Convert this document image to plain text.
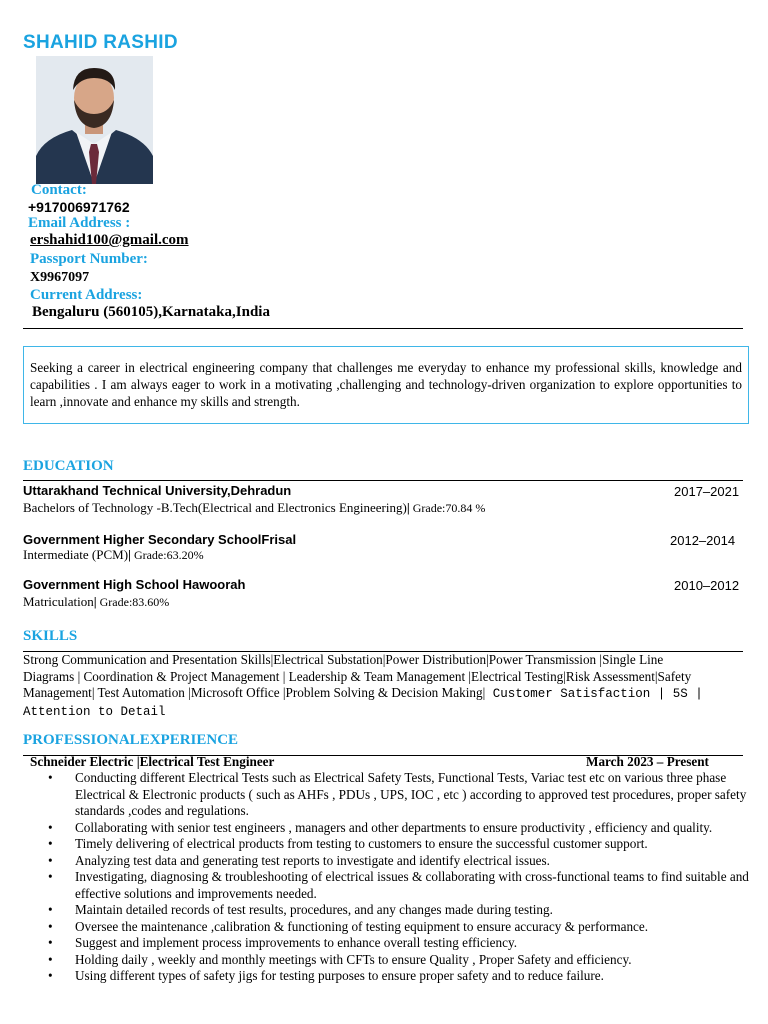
SHAHID RASHID
Contact:
+917006971762
Email Address :
ershahid100@gmail.com
Passport Number:
X9967097
Current Address:
Bengaluru (560105),Karnataka,India
Seeking a career in electrical engineering company that challenges me everyday to enhance my professional skills, knowledge and capabilities . I am always eager to work in a motivating ,challenging and technology-driven organization to explore opportunities to learn ,innovate and enhance my skills and strength.
EDUCATION
Uttarakhand Technical University,Dehradun	2017–2021
Bachelors of Technology -B.Tech(Electrical and Electronics Engineering)| Grade:70.84 %
Government Higher Secondary SchoolFrisal	2012–2014
Intermediate (PCM)| Grade:63.20%
Government High School Hawoorah	2010–2012
Matriculation| Grade:83.60%
SKILLS
Strong Communication and Presentation Skills|Electrical Substation|Power Distribution|Power Transmission |Single Line Diagrams | Coordination & Project Management | Leadership & Team Management |Electrical Testing|Risk Assessment|Safety Management| Test Automation |Microsoft Office |Problem Solving & Decision Making| Customer Satisfaction | 5S | Attention to Detail
PROFESSIONALEXPERIENCE
Schneider Electric |Electrical Test Engineer	March 2023 – Present
• Conducting different Electrical Tests such as Electrical Safety Tests, Functional Tests, Variac test etc on various three phase Electrical & Electronic products ( such as AHFs , PDUs , UPS, IOC , etc ) according to approved test procedures, proper safety standards ,codes and regulations.
• Collaborating with senior test engineers , managers and other departments to ensure productivity , efficiency and quality.
• Timely delivering of electrical products from testing to customers to ensure the successful customer support.
• Analyzing test data and generating test reports to investigate and identify electrical issues.
• Investigating, diagnosing & troubleshooting of electrical issues & collaborating with cross-functional teams to find suitable and effective solutions and improvements needed.
• Maintain detailed records of test results, procedures, and any changes made during testing.
• Oversee the maintenance ,calibration & functioning of testing equipment to ensure accuracy & performance.
• Suggest and implement process improvements to enhance overall testing efficiency.
• Holding daily , weekly and monthly meetings with CFTs to ensure Quality , Proper Safety and efficiency.
• Using different types of safety jigs for testing purposes to ensure proper safety and to reduce failure.
